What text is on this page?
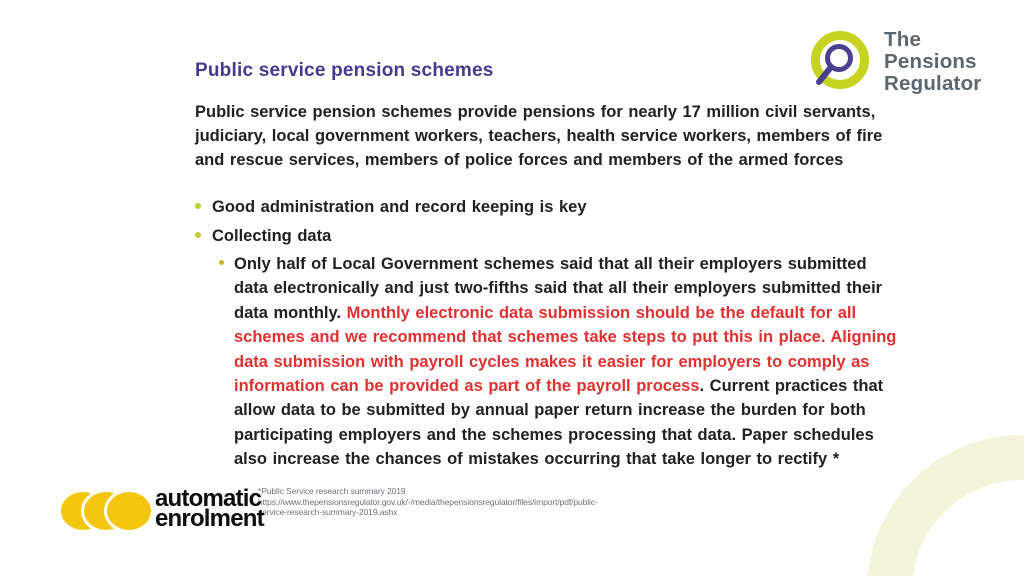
Public service pension schemes
Public service pension schemes provide pensions for nearly 17 million civil servants, judiciary, local government workers, teachers, health service workers, members of fire and rescue services, members of police forces and members of the armed forces
Good administration and record keeping is key
Collecting data
Only half of Local Government schemes said that all their employers submitted data electronically and just two-fifths said that all their employers submitted their data monthly. Monthly electronic data submission should be the default for all schemes and we recommend that schemes take steps to put this in place. Aligning data submission with payroll cycles makes it easier for employers to comply as information can be provided as part of the payroll process. Current practices that allow data to be submitted by annual paper return increase the burden for both participating employers and the schemes processing that data. Paper schedules also increase the chances of mistakes occurring that take longer to rectify *
*Public Service research summary 2019
https://www.thepensionsregulator.gov.uk/-/media/thepensionsregulator/files/import/pdf/public-
service-research-summary-2019.ashx
The
Pensions
Regulator
automatic
enrolment
